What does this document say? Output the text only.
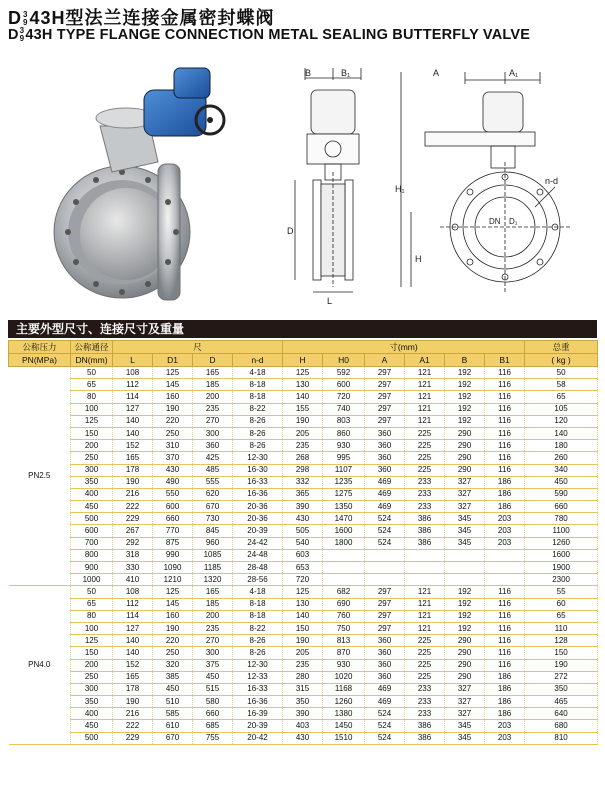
D 3
9 43H型法兰连接金属密封蝶阀
D 3
9 43H TYPE FLANGE CONNECTION METAL SEALING BUTTERFLY VALVE
B	B₁
D
L
A	A₁
H₁
H
n-d
DN D₁
主要外型尺寸、连接尺寸及重量
公称压力	公称通径	尺				寸(mm)						总重
PN(MPa)	DN(mm)	L	D1	D	n-d	H	H0	A	A1	B	B1	( kg )
PN2.5	50	108	125	165	4-18	125	592	297	121	192	116	50
	65	112	145	185	8-18	130	600	297	121	192	116	58
	80	114	160	200	8-18	140	720	297	121	192	116	65
	100	127	190	235	8-22	155	740	297	121	192	116	105
	125	140	220	270	8-26	190	803	297	121	192	116	120
	150	140	250	300	8-26	205	860	360	225	290	116	140
	200	152	310	360	8-26	235	930	360	225	290	116	180
	250	165	370	425	12-30	268	995	360	225	290	116	260
	300	178	430	485	16-30	298	1107	360	225	290	116	340
	350	190	490	555	16-33	332	1235	469	233	327	186	450
	400	216	550	620	16-36	365	1275	469	233	327	186	590
	450	222	600	670	20-36	390	1350	469	233	327	186	660
	500	229	660	730	20-36	430	1470	524	386	345	203	780
	600	267	770	845	20-39	505	1600	524	386	345	203	1100
	700	292	875	960	24-42	540	1800	524	386	345	203	1260
	800	318	990	1085	24-48	603						1600
	900	330	1090	1185	28-48	653						1900
	1000	410	1210	1320	28-56	720						2300
PN4.0	50	108	125	165	4-18	125	682	297	121	192	116	55
	65	112	145	185	8-18	130	690	297	121	192	116	60
	80	114	160	200	8-18	140	760	297	121	192	116	65
	100	127	190	235	8-22	150	750	297	121	192	116	110
	125	140	220	270	8-26	190	813	360	225	290	116	128
	150	140	250	300	8-26	205	870	360	225	290	116	150
	200	152	320	375	12-30	235	930	360	225	290	116	190
	250	165	385	450	12-33	280	1020	360	225	290	186	272
	300	178	450	515	16-33	315	1168	469	233	327	186	350
	350	190	510	580	16-36	350	1260	469	233	327	186	465
	400	216	585	660	16-39	390	1380	524	233	327	186	640
	450	222	610	685	20-39	403	1450	524	386	345	203	680
	500	229	670	755	20-42	430	1510	524	386	345	203	810
